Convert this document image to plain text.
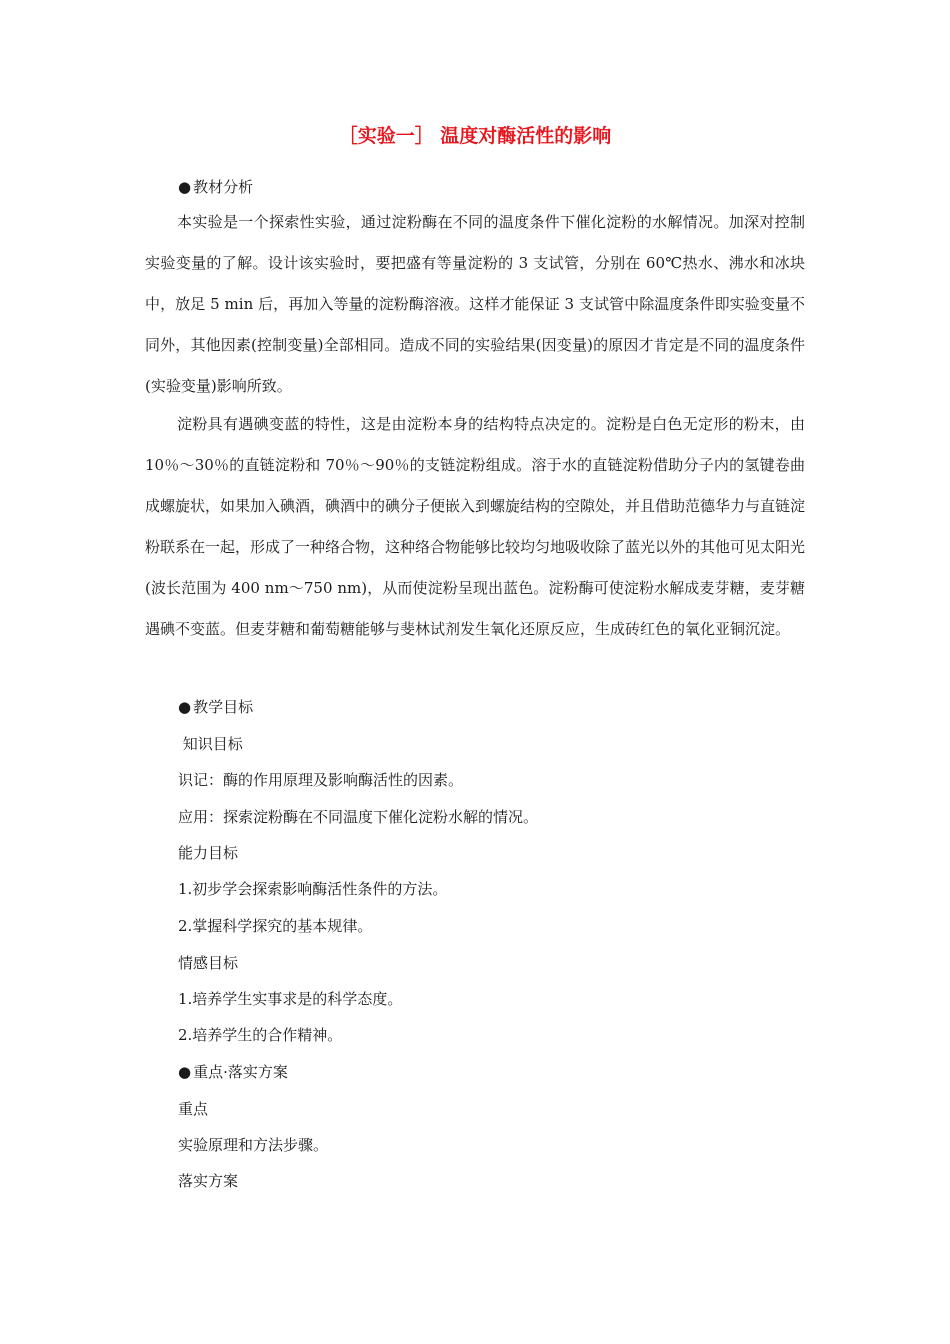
［实验一］ 温度对酶活性的影响
● 教材分析
本实验是一个探索性实验，通过淀粉酶在不同的温度条件下催化淀粉的水解情况。加深对控制实验变量的了解。设计该实验时，要把盛有等量淀粉的 3 支试管，分别在 60℃热水、沸水和冰块中，放足 5 min 后，再加入等量的淀粉酶溶液。这样才能保证 3 支试管中除温度条件即实验变量不同外，其他因素(控制变量)全部相同。造成不同的实验结果(因变量)的原因才肯定是不同的温度条件(实验变量)影响所致。
淀粉具有遇碘变蓝的特性，这是由淀粉本身的结构特点决定的。淀粉是白色无定形的粉末，由 10％～30％的直链淀粉和 70％～90％的支链淀粉组成。溶于水的直链淀粉借助分子内的氢键卷曲成螺旋状，如果加入碘酒，碘酒中的碘分子便嵌入到螺旋结构的空隙处，并且借助范德华力与直链淀粉联系在一起，形成了一种络合物，这种络合物能够比较均匀地吸收除了蓝光以外的其他可见太阳光(波长范围为 400 nm～750 nm)，从而使淀粉呈现出蓝色。淀粉酶可使淀粉水解成麦芽糖，麦芽糖遇碘不变蓝。但麦芽糖和葡萄糖能够与斐林试剂发生氧化还原反应，生成砖红色的氧化亚铜沉淀。
● 教学目标
知识目标
识记：酶的作用原理及影响酶活性的因素。
应用：探索淀粉酶在不同温度下催化淀粉水解的情况。
能力目标
1.初步学会探索影响酶活性条件的方法。
2.掌握科学探究的基本规律。
情感目标
1.培养学生实事求是的科学态度。
2.培养学生的合作精神。
● 重点·落实方案
重点
实验原理和方法步骤。
落实方案
